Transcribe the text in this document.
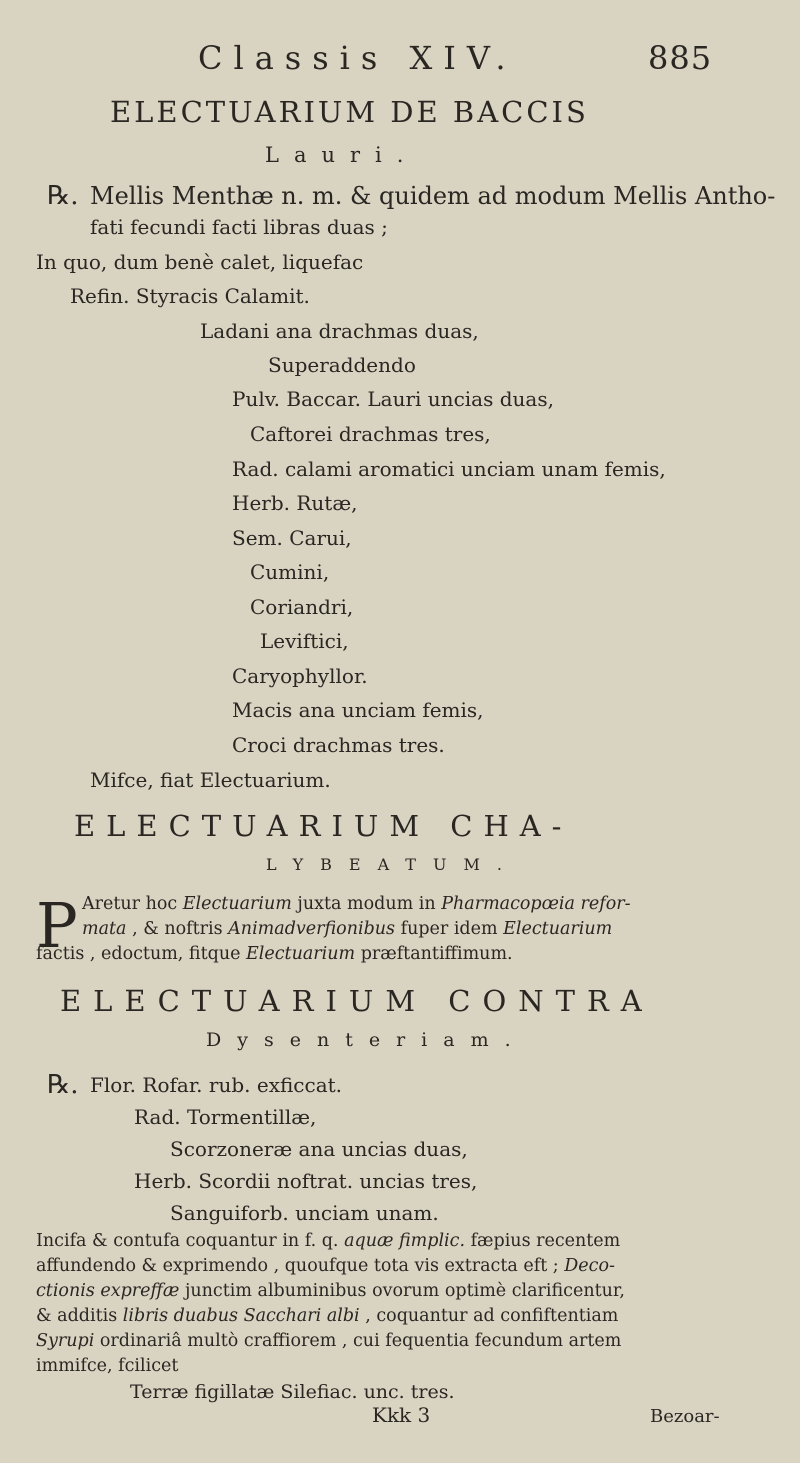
Classis XIV.	885
ELECTUARIUM DE BACCIS
Lauri.
℞. Mellis Menthæ n. m. & quidem ad modum Mellis Antho-
fati fecundi facti libras duas ;
In quo, dum benè calet, liquefac
Refin. Styracis Calamit.
Ladani ana drachmas duas,
Superaddendo
Pulv. Baccar. Lauri uncias duas,
Caftorei drachmas tres,
Rad. calami aromatici unciam unam femis,
Herb. Rutæ,
Sem. Carui,
Cumini,
Coriandri,
Leviftici,
Caryophyllor.
Macis ana unciam femis,
Croci drachmas tres.
Mifce, fiat Electuarium.
ELECTUARIUM CHA-
LYBEATUM.
P Aretur hoc Electuarium juxta modum in Pharmacopœia refor-
mata , & noftris Animadverfionibus fuper idem Electuarium
factis , edoctum, fitque Electuarium præftantiffimum.
ELECTUARIUM CONTRA
Dysenteriam.
℞. Flor. Rofar. rub. exficcat.
Rad. Tormentillæ,
Scorzoneræ ana uncias duas,
Herb. Scordii noftrat. uncias tres,
Sanguiforb. unciam unam.
Incifa & contufa coquantur in f. q. aquæ fimplic. fæpius recentem
affundendo & exprimendo , quoufque tota vis extracta eft ; Deco-
ctionis expreffæ junctim albuminibus ovorum optimè clarificentur,
& additis libris duabus Sacchari albi , coquantur ad confiftentiam
Syrupi ordinariâ multò craffiorem , cui fequentia fecundum artem
immifce, fcilicet
Terræ figillatæ Silefiac. unc. tres.
Kkk 3	Bezoar-
